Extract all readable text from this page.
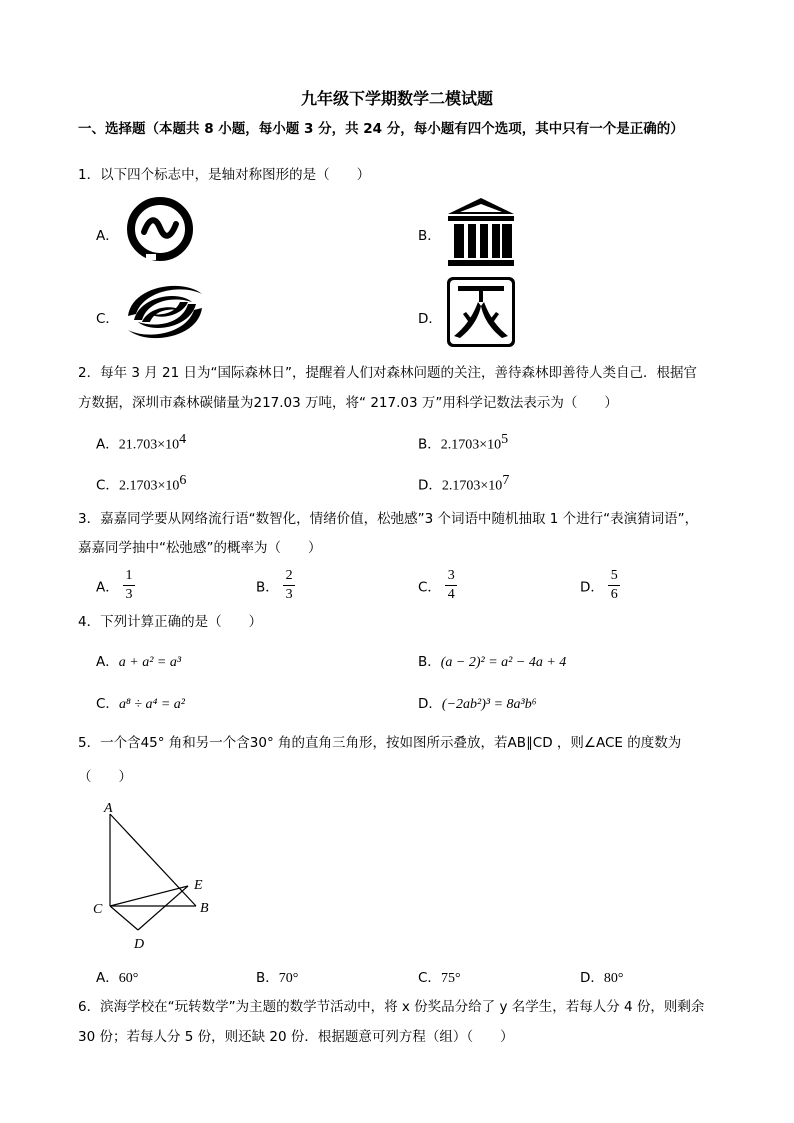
九年级下学期数学二模试题
一、选择题（本题共 8 小题，每小题 3 分，共 24 分，每小题有四个选项，其中只有一个是正确的）
1．以下四个标志中，是轴对称图形的是（　　）
A．	B．
C．	D．
2．每年 3 月 21 日为“国际森林日”，提醒着人们对森林问题的关注，善待森林即善待人类自己．根据官
方数据，深圳市森林碳储量为217.03 万吨，将“ 217.03 万”用科学记数法表示为（　　）
A．$21.703\times 10^4$	B．$2.1703\times 10^5$
C．$2.1703\times 10^6$	D．$2.1703\times 10^7$
3．嘉嘉同学要从网络流行语“数智化，情绪价值，松弛感”3 个词语中随机抽取 1 个进行“表演猜词语”，
嘉嘉同学抽中“松弛感”的概率为（　　）
A． $\frac{1}{3}$	B． $\frac{2}{3}$	C． $\frac{3}{4}$	D． $\frac{5}{6}$
4．下列计算正确的是（　　）
A．a + a² = a³	B．(a − 2)² = a² − 4a + 4
C．a⁸ ÷ a⁴ = a²	D．(−2ab²)³ = 8a³b⁶
5．一个含45° 角和另一个含30° 角的直角三角形，按如图所示叠放，若AB∥CD ，则∠ACE 的度数为
（　　）
A
E
C	B
D
A．60°	B．70°	C．75°	D．80°
6．滨海学校在“玩转数学”为主题的数学节活动中，将 x 份奖品分给了 y 名学生，若每人分 4 份，则剩余
30 份；若每人分 5 份，则还缺 20 份．根据题意可列方程（组）（　　）
